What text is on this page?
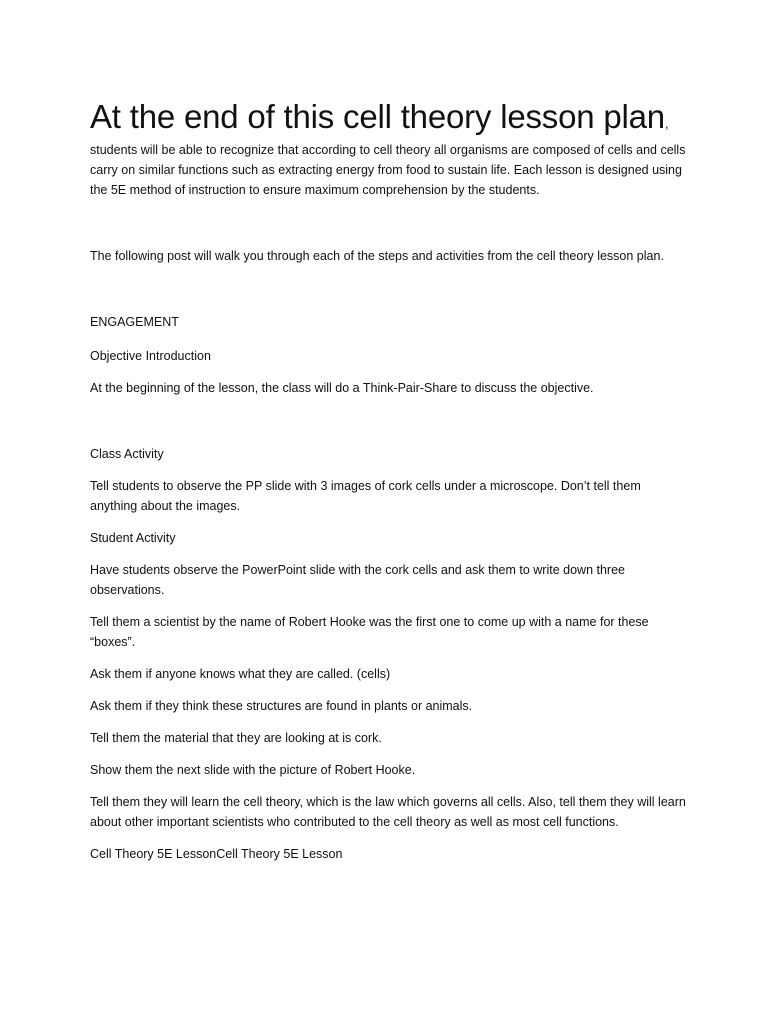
At the end of this cell theory lesson plan,

students will be able to recognize that according to cell theory all organisms are composed of cells and cells carry on similar functions such as extracting energy from food to sustain life. Each lesson is designed using the 5E method of instruction to ensure maximum comprehension by the students.

The following post will walk you through each of the steps and activities from the cell theory lesson plan.

ENGAGEMENT

Objective Introduction

At the beginning of the lesson, the class will do a Think-Pair-Share to discuss the objective.

Class Activity

Tell students to observe the PP slide with 3 images of cork cells under a microscope. Don’t tell them anything about the images.

Student Activity

Have students observe the PowerPoint slide with the cork cells and ask them to write down three observations.

Tell them a scientist by the name of Robert Hooke was the first one to come up with a name for these “boxes”.

Ask them if anyone knows what they are called. (cells)

Ask them if they think these structures are found in plants or animals.

Tell them the material that they are looking at is cork.

Show them the next slide with the picture of Robert Hooke.

Tell them they will learn the cell theory, which is the law which governs all cells. Also, tell them they will learn about other important scientists who contributed to the cell theory as well as most cell functions.

Cell Theory 5E LessonCell Theory 5E Lesson
